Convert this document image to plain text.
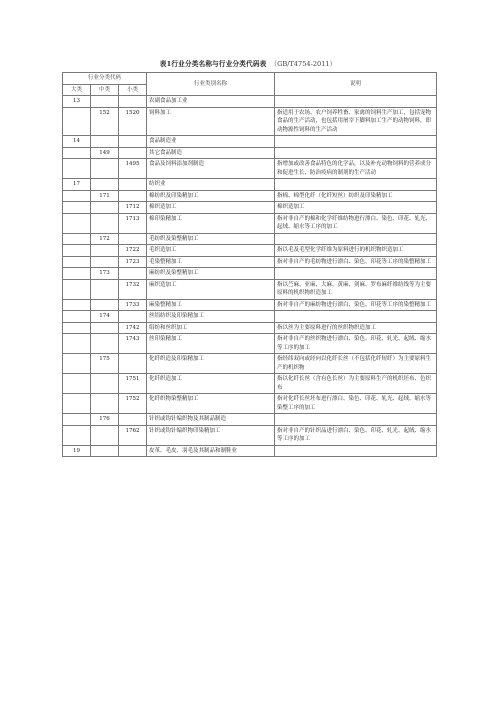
表1行业分类名称与行业分类代码表 （GB/T4754-2011）
行业分类代码			行业类别名称	说明
大类	中类	小类		
13			农副食品加工业	
	152	1520	饲料加工	指适用于农场、农户饲养牲畜、家禽的饲料生产加工，包括宠物食品的生产活动，也包括用屠宰下脚料加工生产的动物饲料，即动物源性饲料的生产活动
14			食品制造业	
	149		其它食品制造	
		1495	食品及饲料添加剂制造	指增加或改善食品特色的化学品，以及补充动物饲料的营养成分和促进生长、防治疫病的制剂的生产活动
17			纺织业	
	171		棉纺织及印染精加工	指棉、棉型化纤（化纤短丝）纺织及印染精加工
		1712	棉织造加工	棉织造加工
		1713	棉印染精加工	指对非自产的棉和化学纤维纺物进行漂白、染色、印花、轧光、起绒、缩水等工序的加工
	172		毛纺织及染整精加工	
		1722	毛织造加工	指以毛及毛型化学纤维为原料进行的机织物织造加工
		1723	毛染整精加工	指对非自产的毛纺物进行漂白、染色、印花等工序的染整精加工
	173		麻纺织及染整精加工	
		1732	麻织造加工	指以苎麻、亚麻、大麻、黄麻、剑麻、罗布麻纤维纺线等为主要原料的机织物织造加工
		1733	麻染整精加工	指对非自产的麻纺物进行漂白、染色、印花等工序的染整精加工
	174		丝绢纺织及印染精加工	
		1742	绢纺和丝织加工	指以丝为主要原料进行的丝织物织造加工
		1743	丝印染精加工	指对非自产的丝织物进行漂白、染色、印花、轧光、起绒、缩水等工序的加工
	175		化纤织造及印染精加工	指经纬双向或经向以化纤长丝（不包括化纤短纤）为主要原料生产的机织物
		1751	化纤织造加工	指以化纤长丝（含有色长丝）为主要原料生产的机织坯布、色织布
		1752	化纤织物染整精加工	指对化纤长丝坯布进行漂白、染色、印花、轧光、起绒、缩水等染整工序的加工
	176		针织或钩针编织物及其制品制造	
		1762	针织或钩针编织物印染精加工	指对非自产的针织品进行漂白、染色、印花、轧光、起绒、缩水等工序的加工
19			皮革、毛皮、羽毛及其制品和制鞋业	
